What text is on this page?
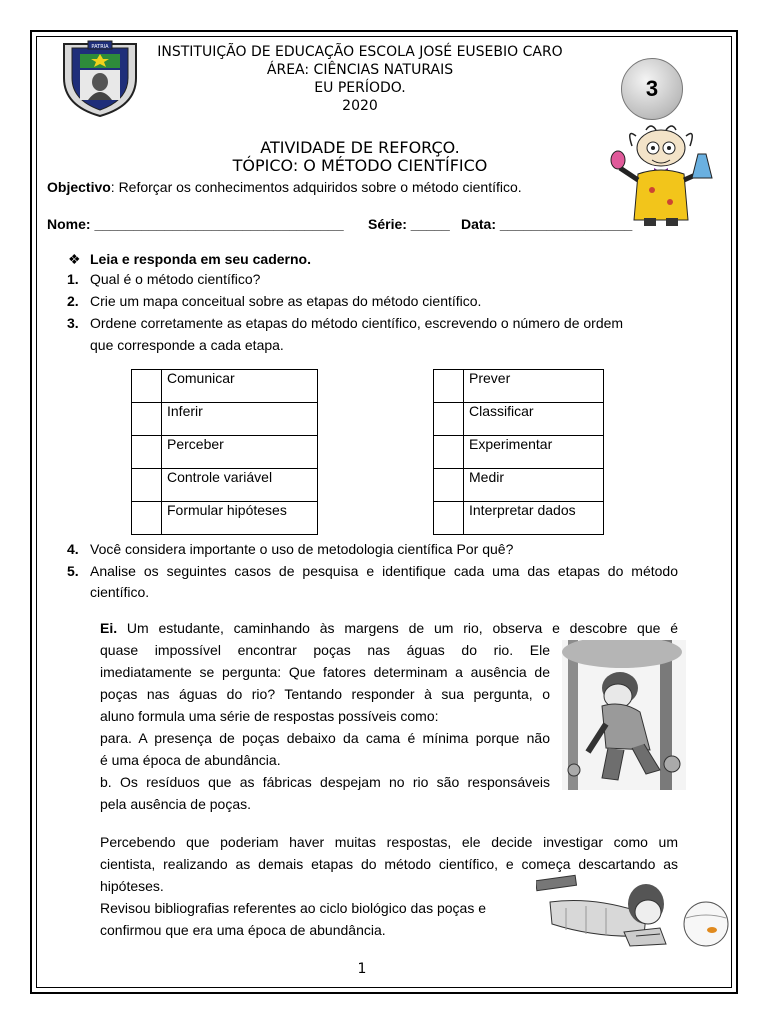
PATRIA	INSTITUIÇÃO DE EDUCAÇÃO ESCOLA JOSÉ EUSEBIO CARO
ÁREA: CIÊNCIAS NATURAIS
EU PERÍODO.
2020
3
ATIVIDADE DE REFORÇO.
TÓPICO: O MÉTODO CIENTÍFICO
Objectivo: Reforçar os conhecimentos adquiridos sobre o método científico.
Nome: ________________________________ Série: _____ Data: _________________
❖ Leia e responda em seu caderno.
1. Qual é o método científico?
2. Crie um mapa conceitual sobre as etapas do método científico.
3. Ordene corretamente as etapas do método científico, escrevendo o número de ordem
que corresponde a cada etapa.
	Comunicar
	Inferir
	Perceber
	Controle variável
	Formular hipóteses
	Prever
	Classificar
	Experimentar
	Medir
	Interpretar dados
4. Você considera importante o uso de metodologia científica Por quê?
5. Analise os seguintes casos de pesquisa e identifique cada uma das etapas do método
científico.
Ei. Um estudante, caminhando às margens de um rio, observa e descobre que é
quase impossível encontrar poças nas águas do rio. Ele
imediatamente se pergunta: Que fatores determinam a ausência de
poças nas águas do rio? Tentando responder à sua pergunta, o
aluno formula uma série de respostas possíveis como:
para. A presença de poças debaixo da cama é mínima porque não
é uma época de abundância.
b. Os resíduos que as fábricas despejam no rio são responsáveis
pela ausência de poças.
Percebendo que poderiam haver muitas respostas, ele decide investigar como um
cientista, realizando as demais etapas do método científico, e começa descartando as
hipóteses.
Revisou bibliografias referentes ao ciclo biológico das poças e
confirmou que era uma época de abundância.
1
